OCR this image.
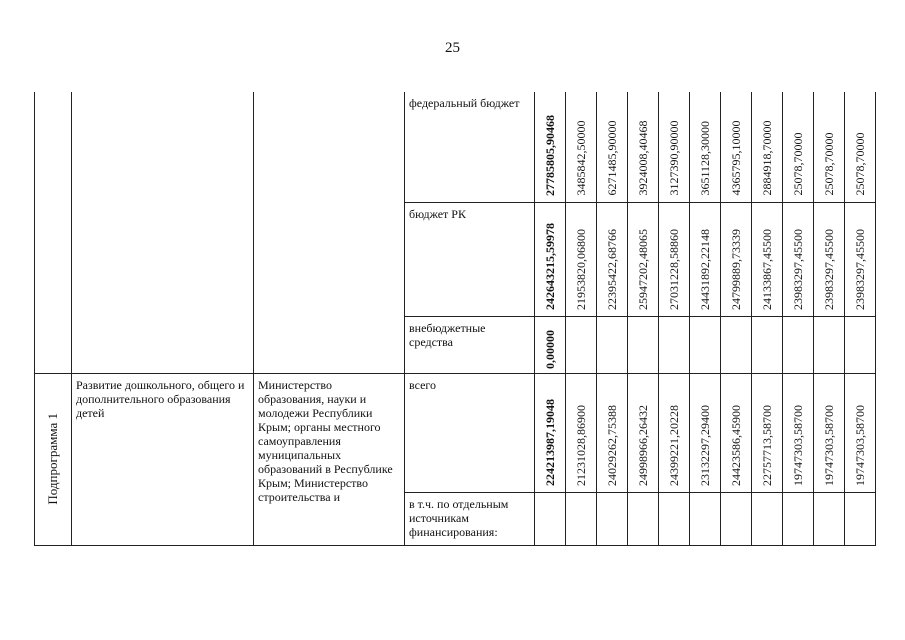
25

			федеральный бюджет	27785805,90468	3485842,50000	6271485,90000	3924008,40468	3127390,90000	3651128,30000	4365795,10000	2884918,70000	25078,70000	25078,70000	25078,70000

			бюджет РК	242643215,59978	21953820,06800	22395422,68766	25947202,48065	27031228,58860	24431892,22148	24799889,73339	24133867,45500	23983297,45500	23983297,45500	23983297,45500

			внебюджетные средства	0,00000										

Подпрограмма 1	Развитие дошкольного, общего и дополнительного образования детей	Министерство образования, науки и молодежи Республики Крым; органы местного самоуправления муниципальных образований в Республике Крым; Министерство строительства и	всего	224213987,19048	21231028,86900	24029262,75388	24998966,26432	24399221,20228	23132297,29400	24423586,45900	22757713,58700	19747303,58700	19747303,58700	19747303,58700

			в т.ч. по отдельным источникам финансирования:											
